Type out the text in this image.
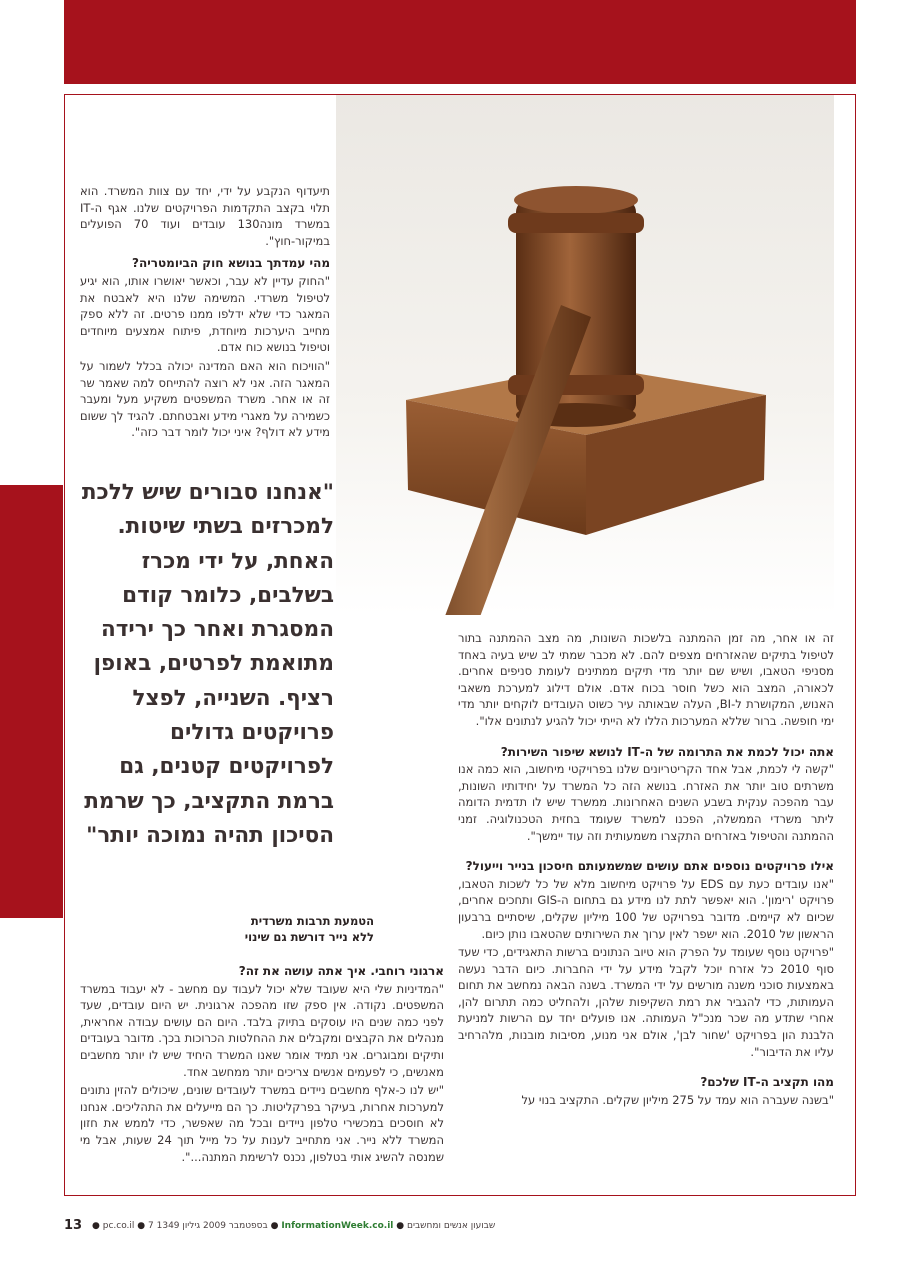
תיעדוף הנקבע על ידי, יחד עם צוות המשרד. הוא תלוי בקצב התקדמות הפרויקטים שלנו. אגף ה-IT במשרד מונה130 עובדים ועוד 70 הפועלים במיקור-חוץ".

מהי עמדתך בנושא חוק הביומטריה?

"החוק עדיין לא עבר, וכאשר יאושרו אותו, הוא יגיע לטיפול משרדי. המשימה שלנו היא לאבטח את המאגר כדי שלא ידלפו ממנו פרטים. זה ללא ספק מחייב היערכות מיוחדת, פיתוח אמצעים מיוחדים וטיפול בנושא כוח אדם.

"הוויכוח הוא האם המדינה יכולה בכלל לשמור על המאגר הזה. אני לא רוצה להתייחס למה שאמר שר זה או אחר. משרד המשפטים משקיע מעל ומעבר כשמירה על מאגרי מידע ואבטחתם. להגיד לך ששום מידע לא דולף? איני יכול לומר דבר כזה".

"אנחנו סבורים שיש ללכת למכרזים בשתי שיטות. האחת, על ידי מכרז בשלבים, כלומר קודם המסגרת ואחר כך ירידה מתואמת לפרטים, באופן רציף. השנייה, לפצל פרויקטים גדולים לפרויקטים קטנים, גם ברמת התקציב, כך שרמת הסיכון תהיה נמוכה יותר"

זה או אחר, מה זמן ההמתנה בלשכות השונות, מה מצב ההמתנה בתור לטיפול בתיקים שהאזרחים מצפים להם. לא מכבר שמתי לב שיש בעיה באחד מסניפי הטאבו, ושיש שם יותר מדי תיקים ממתינים לעומת סניפים אחרים. לכאורה, המצב הוא כשל חוסר בכוח אדם. אולם דילוג למערכת משאבי האנוש, המקושרת ל-BI, העלה שבאותה עיר כשוט העובדים לוקחים יותר מדי ימי חופשה. ברור שללא המערכות הללו לא הייתי יכול להגיע לנתונים אלו".

אתה יכול לכמת את התרומה של ה-IT לנושא שיפור השירות?

"קשה לי לכמת, אבל אחד הקריטריונים שלנו בפרויקטי מיחשוב, הוא כמה אנו משרתים טוב יותר את האזרח. בנושא הזה כל המשרד על יחידותיו השונות, עבר מהפכה ענקית בשבע השנים האחרונות. ממשרד שיש לו תדמית הדומה ליתר משרדי הממשלה, הפכנו למשרד שעומד בחזית הטכנולוגיה. זמני ההמתנה והטיפול באזרחים התקצרו משמעותית וזה עוד יימשך".

אילו פרויקטים נוספים אתם עושים שמשמעותם חיסכון בנייר וייעול?

"אנו עובדים כעת עם EDS על פרויקט מיחשוב מלא של כל לשכות הטאבו, פרויקט 'רימון'. הוא יאפשר לתת לנו מידע גם בתחום ה-GIS ותחכים אחרים, שכיום לא קיימים. מדובר בפרויקט של 100 מיליון שקלים, שיסתיים ברבעון הראשון של 2010. הוא ישפר לאין ערוך את השירותים שהטאבו נותן כיום.

"פרויקט נוסף שעומד על הפרק הוא טיוב הנתונים ברשות התאגידים, כדי שעד סוף 2010 כל אזרח יוכל לקבל מידע על ידי החברות. כיום הדבר נעשה באמצעות סוכני משנה מורשים על ידי המשרד. בשנה הבאה נמחשב את תחום העמותות, כדי להגביר את רמת השקיפות שלהן, ולהחליט כמה תתרום להן, אחרי שתדע מה שכר מנכ"ל העמותה. אנו פועלים יחד עם הרשות למניעת הלבנת הון בפרויקט 'שחור לבן', אולם אני מנוע, מסיבות מובנות, מלהרחיב עליו את הדיבור".

מהו תקציב ה-IT שלכם?

"בשנה שעברה הוא עמד על 275 מיליון שקלים. התקציב בנוי על

הטמעת תרבות משרדית ללא נייר דורשת גם שינוי
ארגוני רוחבי. איך אתה עושה את זה?

"המדיניות שלי היא שעובד שלא יכול לעבוד עם מחשב - לא יעבוד במשרד המשפטים. נקודה. אין ספק שזו מהפכה ארגונית. יש היום עובדים, שעד לפני כמה שנים היו עוסקים בתיוק בלבד. היום הם עושים עבודה אחראית, מנהלים את הקבצים ומקבלים את ההחלטות הכרוכות בכך. מדובר בעובדים ותיקים ומבוגרים. אני תמיד אומר שאנו המשרד היחיד שיש לו יותר מחשבים מאנשים, כי לפעמים אנשים צריכים יותר ממחשב אחד.

"יש לנו כ-אלף מחשבים ניידים במשרד לעובדים שונים, שיכולים להזין נתונים למערכות אחרות, בעיקר בפרקליטות. כך הם מייעלים את התהליכים. אנחנו לא חוסכים במכשירי טלפון ניידים ובכל מה שאפשר, כדי לממש את חזון המשרד ללא נייר. אני מתחייב לענות על כל מייל תוך 24 שעות, אבל מי שמנסה להשיג אותי בטלפון, נכנס לרשימת המתנה...".

13 ● pc.co.il ● 7 בספטמבר 2009 גיליון 1349	● InformationWeek.co.il ● שבועון אנשים ומחשבים
